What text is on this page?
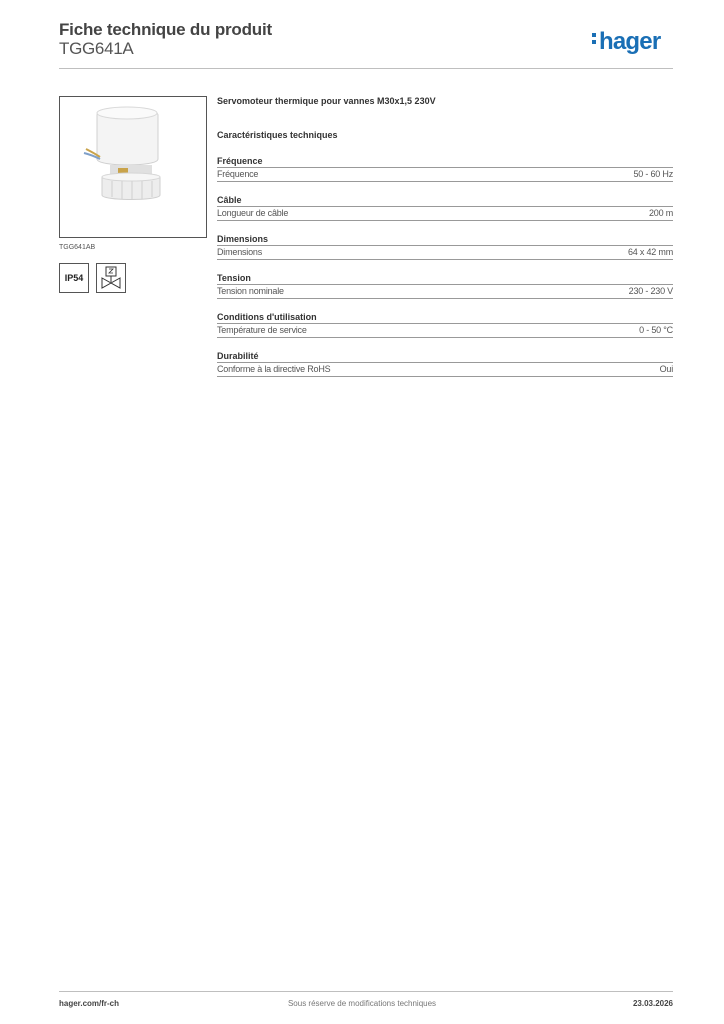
Fiche technique du produit
TGG641A	hager
TGG641AB
IP54
Servomoteur thermique pour vannes M30x1,5 230V
Caractéristiques techniques
Fréquence
Fréquence	50 - 60 Hz
Câble
Longueur de câble	200 m
Dimensions
Dimensions	64 x 42 mm
Tension
Tension nominale	230 - 230 V
Conditions d'utilisation
Température de service	0 - 50 °C
Durabilité
Conforme à la directive RoHS	Oui
hager.com/fr-ch	Sous réserve de modifications techniques	23.03.2026
